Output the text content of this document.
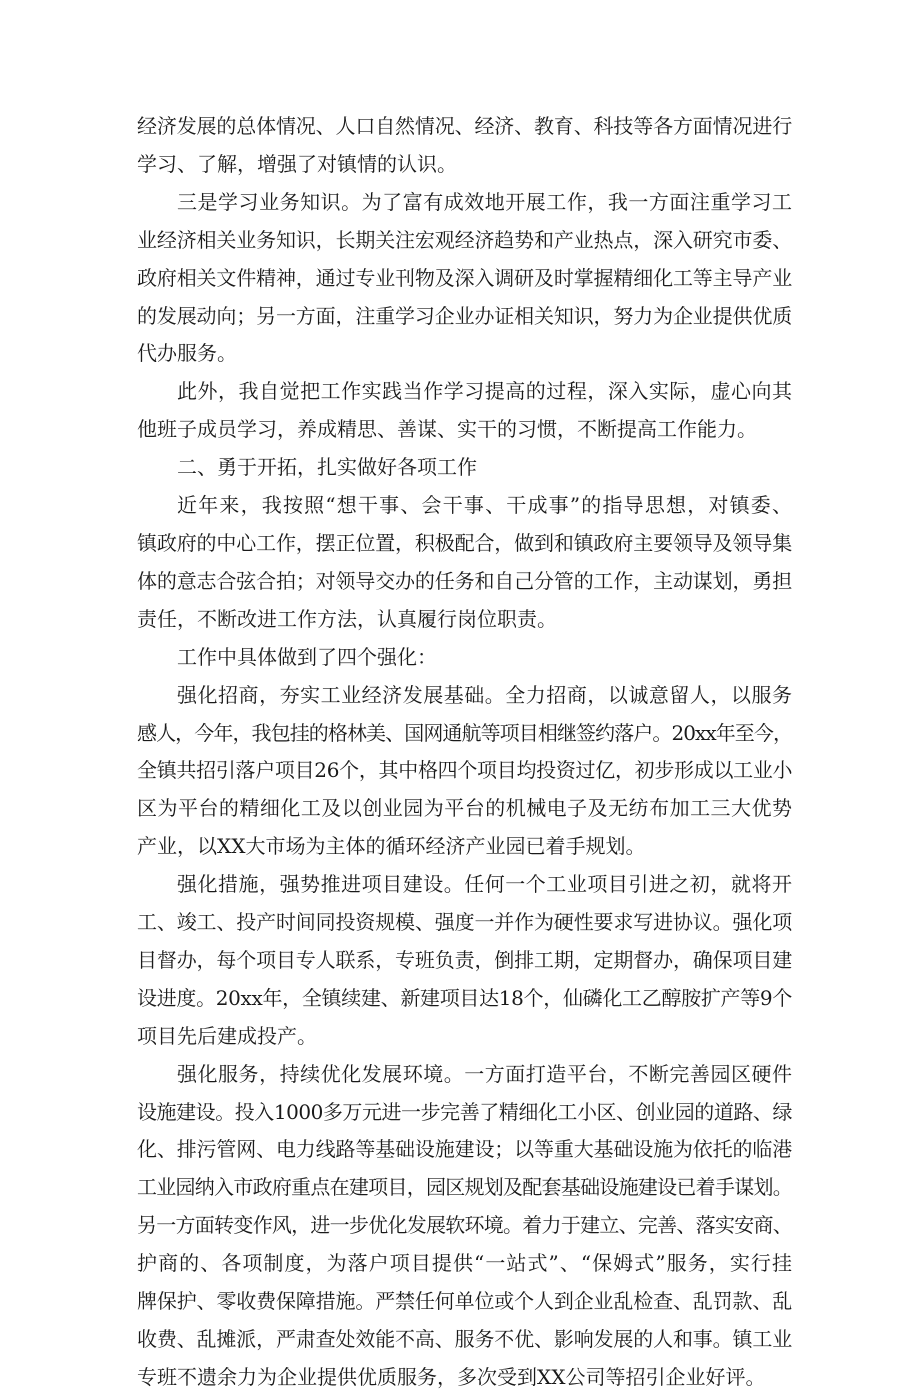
经济发展的总体情况、人口自然情况、经济、教育、科技等各方面情况进行
学习、了解，增强了对镇情的认识。

三是学习业务知识。为了富有成效地开展工作，我一方面注重学习工
业经济相关业务知识，长期关注宏观经济趋势和产业热点，深入研究市委、
政府相关文件精神，通过专业刊物及深入调研及时掌握精细化工等主导产业
的发展动向；另一方面，注重学习企业办证相关知识，努力为企业提供优质
代办服务。

此外，我自觉把工作实践当作学习提高的过程，深入实际，虚心向其
他班子成员学习，养成精思、善谋、实干的习惯，不断提高工作能力。

二、勇于开拓，扎实做好各项工作

近年来，我按照“想干事、会干事、干成事”的指导思想，对镇委、
镇政府的中心工作，摆正位置，积极配合，做到和镇政府主要领导及领导集
体的意志合弦合拍；对领导交办的任务和自己分管的工作，主动谋划，勇担
责任，不断改进工作方法，认真履行岗位职责。

工作中具体做到了四个强化：

强化招商，夯实工业经济发展基础。全力招商，以诚意留人，以服务
感人，今年，我包挂的格林美、国网通航等项目相继签约落户。20xx年至今，
全镇共招引落户项目26个，其中格四个项目均投资过亿，初步形成以工业小
区为平台的精细化工及以创业园为平台的机械电子及无纺布加工三大优势
产业，以XX大市场为主体的循环经济产业园已着手规划。

强化措施，强势推进项目建设。任何一个工业项目引进之初，就将开
工、竣工、投产时间同投资规模、强度一并作为硬性要求写进协议。强化项
目督办，每个项目专人联系，专班负责，倒排工期，定期督办，确保项目建
设进度。20xx年，全镇续建、新建项目达18个，仙磷化工乙醇胺扩产等9个
项目先后建成投产。

强化服务，持续优化发展环境。一方面打造平台，不断完善园区硬件
设施建设。投入1000多万元进一步完善了精细化工小区、创业园的道路、绿
化、排污管网、电力线路等基础设施建设；以等重大基础设施为依托的临港
工业园纳入市政府重点在建项目，园区规划及配套基础设施建设已着手谋划。
另一方面转变作风，进一步优化发展软环境。着力于建立、完善、落实安商、
护商的、各项制度，为落户项目提供“一站式”、“保姆式”服务，实行挂
牌保护、零收费保障措施。严禁任何单位或个人到企业乱检查、乱罚款、乱
收费、乱摊派，严肃查处效能不高、服务不优、影响发展的人和事。镇工业
专班不遗余力为企业提供优质服务，多次受到XX公司等招引企业好评。
